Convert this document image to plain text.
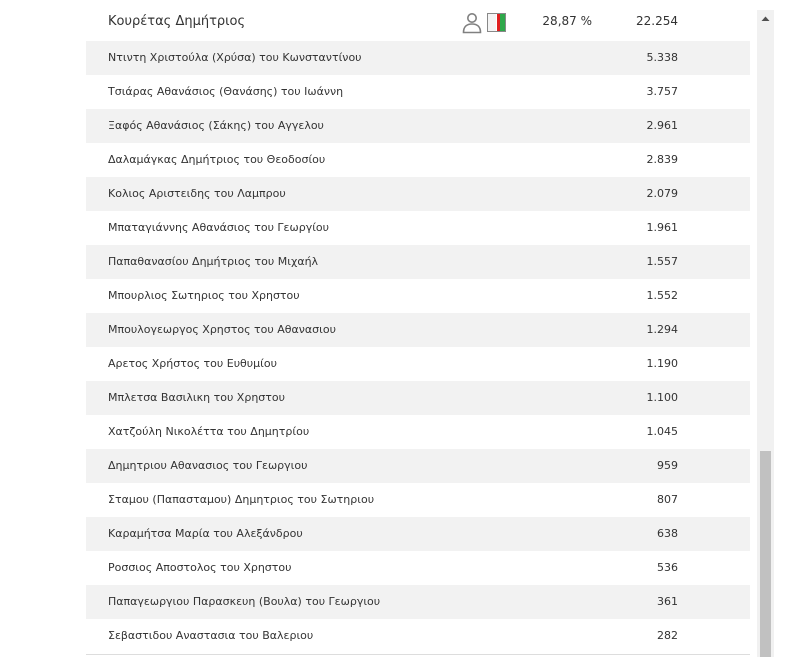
Κουρέτας Δημήτριος	28,87 %	22.254
Ντιντη Χριστούλα (Χρύσα) του Κωνσταντίνου	5.338
Τσιάρας Αθανάσιος (Θανάσης) του Ιωάννη	3.757
Ξαφός Αθανάσιος (Σάκης) του Αγγελου	2.961
Δαλαμάγκας Δημήτριος του Θεοδοσίου	2.839
Κολιος Αριστειδης του Λαμπρου	2.079
Μπαταγιάννης Αθανάσιος του Γεωργίου	1.961
Παπαθανασίου Δημήτριος του Μιχαήλ	1.557
Μπουρλιος Σωτηριος του Χρηστου	1.552
Μπουλογεωργος Χρηστος του Αθανασιου	1.294
Αρετος Χρήστος του Ευθυμίου	1.190
Μπλετσα Βασιλικη του Χρηστου	1.100
Χατζούλη Νικολέττα του Δημητρίου	1.045
Δημητριου Αθανασιος του Γεωργιου	959
Σταμου (Παπασταμου) Δημητριος του Σωτηριου	807
Καραμήτσα Μαρία του Αλεξάνδρου	638
Ροσσιος Αποστολος του Χρηστου	536
Παπαγεωργιου Παρασκευη (Βουλα) του Γεωργιου	361
Σεβαστιδου Αναστασια του Βαλεριου	282
